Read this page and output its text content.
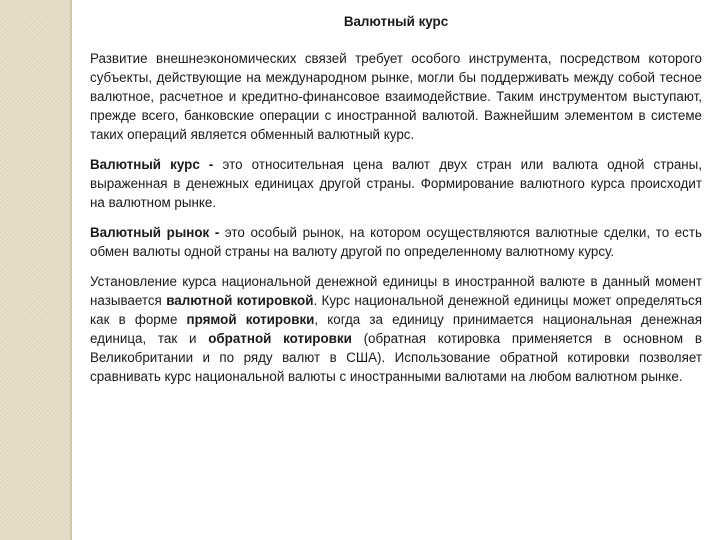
Валютный курс

Развитие внешнеэкономических связей требует особого инструмента, посредством которого субъекты, действующие на международном рынке, могли бы поддерживать между собой тесное валютное, расчетное и кредитно-финансовое взаимодействие. Таким инструментом выступают, прежде всего, банковские операции с иностранной валютой. Важнейшим элементом в системе таких операций является обменный валютный курс.

Валютный курс - это относительная цена валют двух стран или валюта одной страны, выраженная в денежных единицах другой страны. Формирование валютного курса происходит на валютном рынке.

Валютный рынок - это особый рынок, на котором осуществляются валютные сделки, то есть обмен валюты одной страны на валюту другой по определенному валютному курсу.

Установление курса национальной денежной единицы в иностранной валюте в данный момент называется валютной котировкой. Курс национальной денежной единицы может определяться как в форме прямой котировки, когда за единицу принимается национальная денежная единица, так и обратной котировки (обратная котировка применяется в основном в Великобритании и по ряду валют в США). Использование обратной котировки позволяет сравнивать курс национальной валюты с иностранными валютами на любом валютном рынке.
